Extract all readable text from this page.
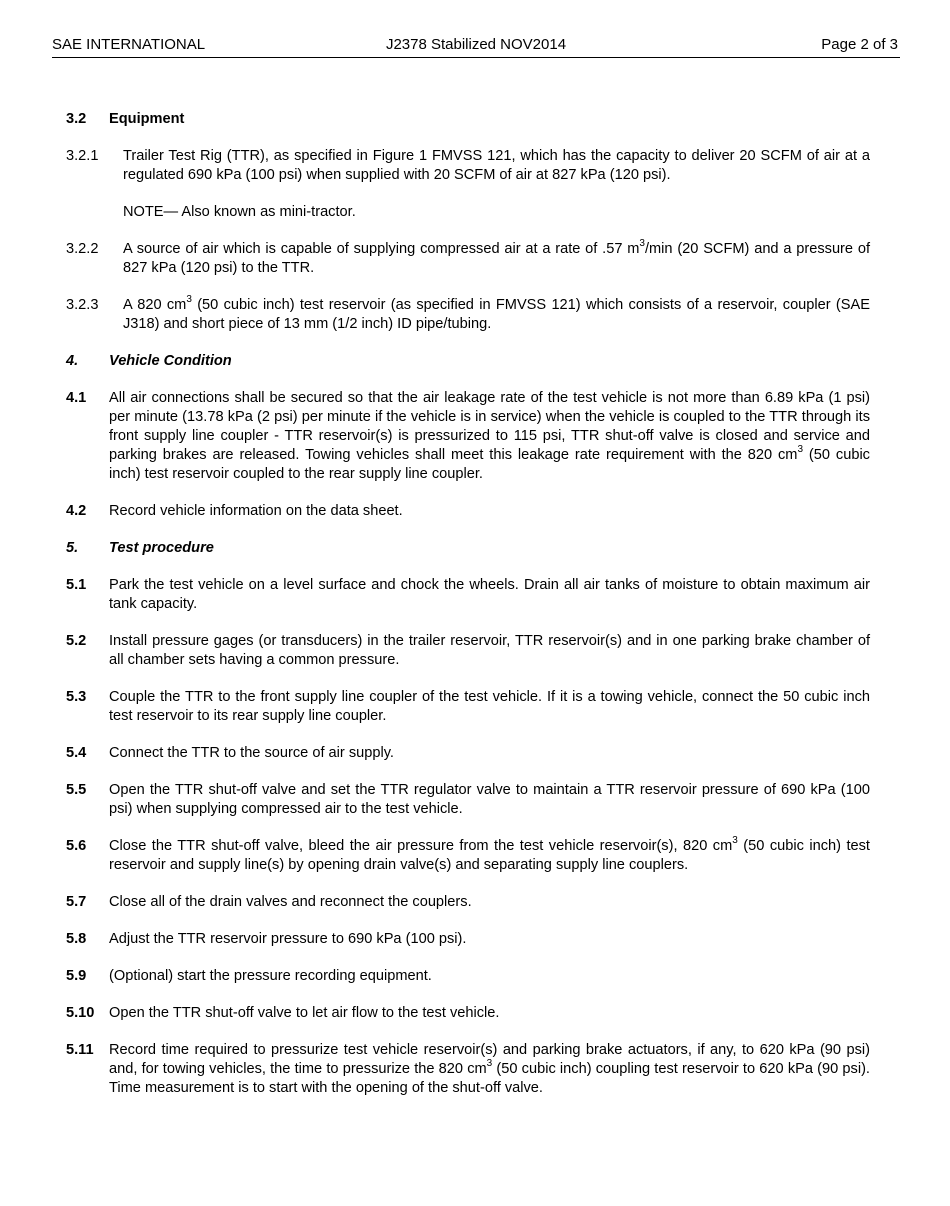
SAE INTERNATIONAL	J2378 Stabilized NOV2014	Page 2 of 3
3.2	Equipment
3.2.1	Trailer Test Rig (TTR), as specified in Figure 1 FMVSS 121, which has the capacity to deliver 20 SCFM of air at a regulated 690 kPa (100 psi) when supplied with 20 SCFM of air at 827 kPa (120 psi).
NOTE— Also known as mini-tractor.
3.2.2	A source of air which is capable of supplying compressed air at a rate of .57 $m^3/\min$ (20 SCFM) and a pressure of 827 kPa (120 psi) to the TTR.
3.2.3	A 820 $cm^3$ (50 cubic inch) test reservoir (as specified in FMVSS 121) which consists of a reservoir, coupler (SAE J318) and short piece of 13 mm (1/2 inch) ID pipe/tubing.
4.	Vehicle Condition
4.1	All air connections shall be secured so that the air leakage rate of the test vehicle is not more than 6.89 kPa (1 psi) per minute (13.78 kPa (2 psi) per minute if the vehicle is in service) when the vehicle is coupled to the TTR through its front supply line coupler - TTR reservoir(s) is pressurized to 115 psi, TTR shut-off valve is closed and service and parking brakes are released. Towing vehicles shall meet this leakage rate requirement with the 820 $cm^3$ (50 cubic inch) test reservoir coupled to the rear supply line coupler.
4.2	Record vehicle information on the data sheet.
5.	Test procedure
5.1	Park the test vehicle on a level surface and chock the wheels. Drain all air tanks of moisture to obtain maximum air tank capacity.
5.2	Install pressure gages (or transducers) in the trailer reservoir, TTR reservoir(s) and in one parking brake chamber of all chamber sets having a common pressure.
5.3	Couple the TTR to the front supply line coupler of the test vehicle. If it is a towing vehicle, connect the 50 cubic inch test reservoir to its rear supply line coupler.
5.4	Connect the TTR to the source of air supply.
5.5	Open the TTR shut-off valve and set the TTR regulator valve to maintain a TTR reservoir pressure of 690 kPa (100 psi) when supplying compressed air to the test vehicle.
5.6	Close the TTR shut-off valve, bleed the air pressure from the test vehicle reservoir(s), 820 $cm^3$ (50 cubic inch) test reservoir and supply line(s) by opening drain valve(s) and separating supply line couplers.
5.7	Close all of the drain valves and reconnect the couplers.
5.8	Adjust the TTR reservoir pressure to 690 kPa (100 psi).
5.9	(Optional) start the pressure recording equipment.
5.10 Open the TTR shut-off valve to let air flow to the test vehicle.
5.11	Record time required to pressurize test vehicle reservoir(s) and parking brake actuators, if any, to 620 kPa (90 psi) and, for towing vehicles, the time to pressurize the 820 $cm^3$ (50 cubic inch) coupling test reservoir to 620 kPa (90 psi). Time measurement is to start with the opening of the shut-off valve.
